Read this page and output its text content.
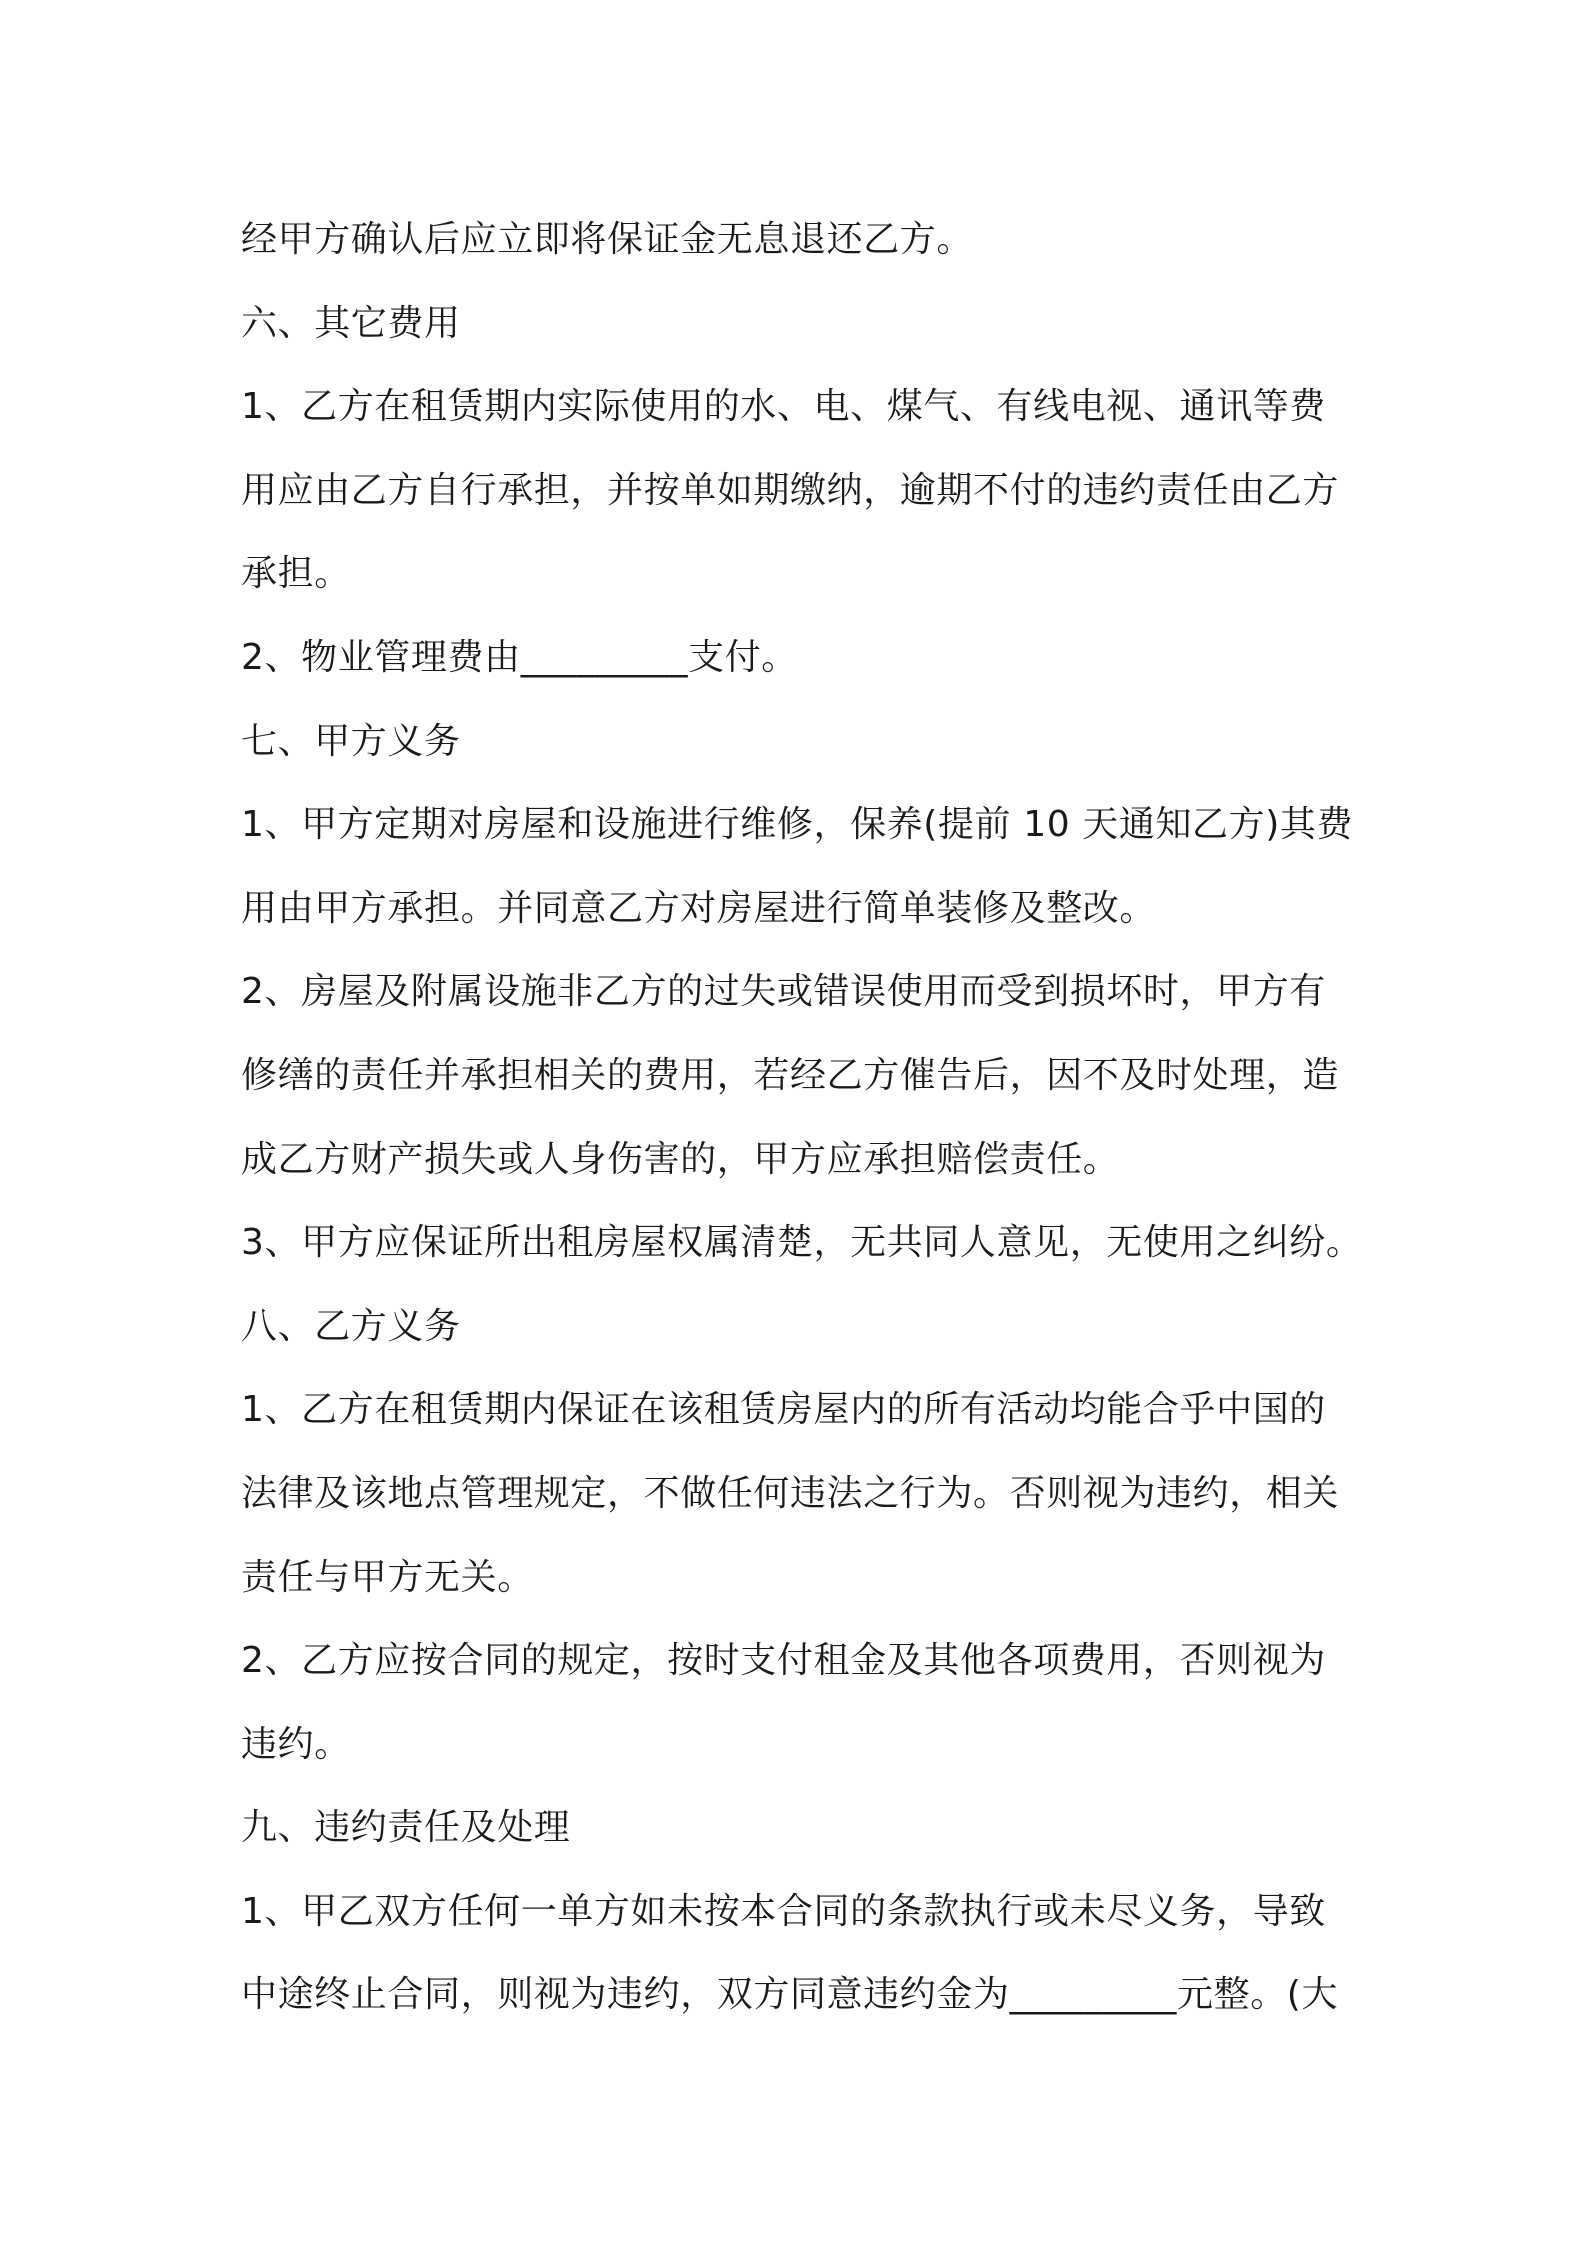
经甲方确认后应立即将保证金无息退还乙方。
六、其它费用
1、乙方在租赁期内实际使用的水、电、煤气、有线电视、通讯等费
用应由乙方自行承担，并按单如期缴纳，逾期不付的违约责任由乙方
承担。
2、物业管理费由_________支付。
七、甲方义务
1、甲方定期对房屋和设施进行维修，保养(提前 10 天通知乙方)其费
用由甲方承担。并同意乙方对房屋进行简单装修及整改。
2、房屋及附属设施非乙方的过失或错误使用而受到损坏时，甲方有
修缮的责任并承担相关的费用，若经乙方催告后，因不及时处理，造
成乙方财产损失或人身伤害的，甲方应承担赔偿责任。
3、甲方应保证所出租房屋权属清楚，无共同人意见，无使用之纠纷。
八、乙方义务
1、乙方在租赁期内保证在该租赁房屋内的所有活动均能合乎中国的
法律及该地点管理规定，不做任何违法之行为。否则视为违约，相关
责任与甲方无关。
2、乙方应按合同的规定，按时支付租金及其他各项费用，否则视为
违约。
九、违约责任及处理
1、甲乙双方任何一单方如未按本合同的条款执行或未尽义务，导致
中途终止合同，则视为违约，双方同意违约金为_________元整。(大
